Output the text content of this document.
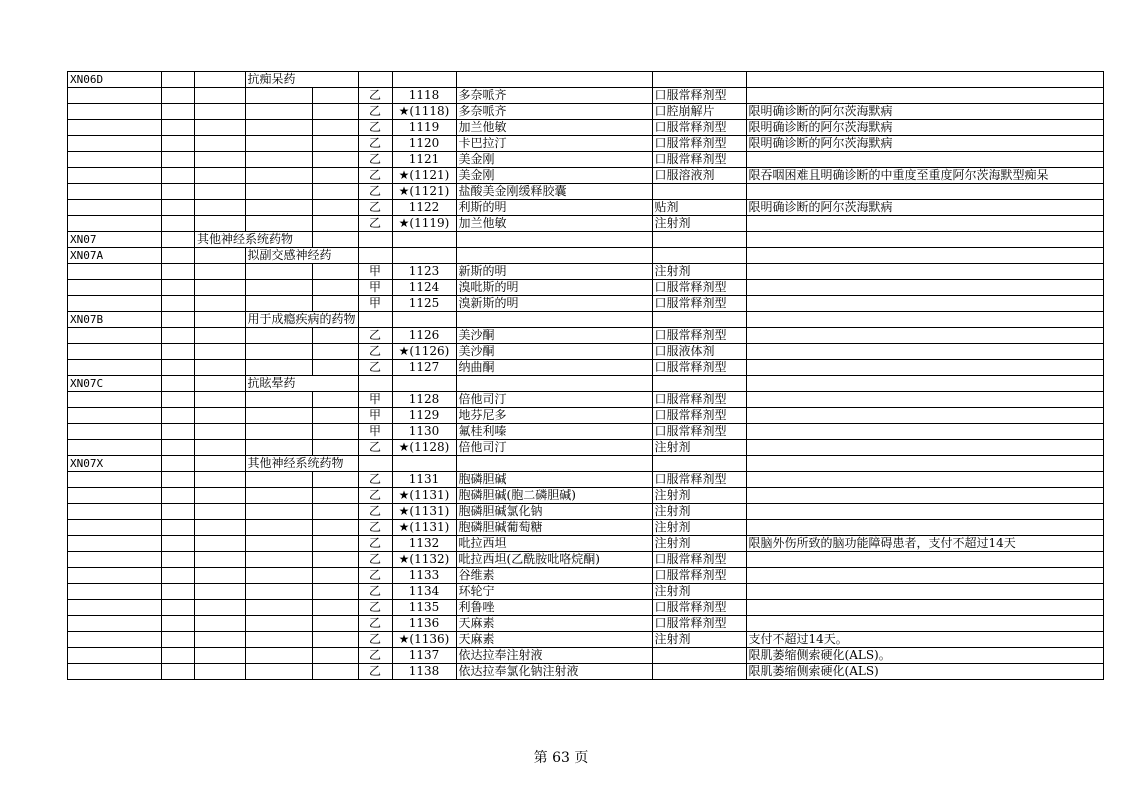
XN06D			抗痴呆药						
					乙	1118	多奈哌齐	口服常释剂型	
					乙	★(1118)	多奈哌齐	口腔崩解片	限明确诊断的阿尔茨海默病
					乙	1119	加兰他敏	口服常释剂型	限明确诊断的阿尔茨海默病
					乙	1120	卡巴拉汀	口服常释剂型	限明确诊断的阿尔茨海默病
					乙	1121	美金刚	口服常释剂型	
					乙	★(1121)	美金刚	口服溶液剂	限吞咽困难且明确诊断的中重度至重度阿尔茨海默型痴呆
					乙	★(1121)	盐酸美金刚缓释胶囊		
					乙	1122	利斯的明	贴剂	限明确诊断的阿尔茨海默病
					乙	★(1119)	加兰他敏	注射剂	
XN07		其他神经系统药物							
XN07A			拟副交感神经药						
					甲	1123	新斯的明	注射剂	
					甲	1124	溴吡斯的明	口服常释剂型	
					甲	1125	溴新斯的明	口服常释剂型	
XN07B			用于成瘾疾病的药物						
					乙	1126	美沙酮	口服常释剂型	
					乙	★(1126)	美沙酮	口服液体剂	
					乙	1127	纳曲酮	口服常释剂型	
XN07C			抗眩晕药						
					甲	1128	倍他司汀	口服常释剂型	
					甲	1129	地芬尼多	口服常释剂型	
					甲	1130	氟桂利嗪	口服常释剂型	
					乙	★(1128)	倍他司汀	注射剂	
XN07X			其他神经系统药物						
					乙	1131	胞磷胆碱	口服常释剂型	
					乙	★(1131)	胞磷胆碱(胞二磷胆碱)	注射剂	
					乙	★(1131)	胞磷胆碱氯化钠	注射剂	
					乙	★(1131)	胞磷胆碱葡萄糖	注射剂	
					乙	1132	吡拉西坦	注射剂	限脑外伤所致的脑功能障碍患者，支付不超过14天
					乙	★(1132)	吡拉西坦(乙酰胺吡咯烷酮)	口服常释剂型	
					乙	1133	谷维素	口服常释剂型	
					乙	1134	环轮宁	注射剂	
					乙	1135	利鲁唑	口服常释剂型	
					乙	1136	天麻素	口服常释剂型	
					乙	★(1136)	天麻素	注射剂	支付不超过14天。
					乙	1137	依达拉奉注射液		限肌萎缩侧索硬化(ALS)。
					乙	1138	依达拉奉氯化钠注射液		限肌萎缩侧索硬化(ALS)
第 63 页
